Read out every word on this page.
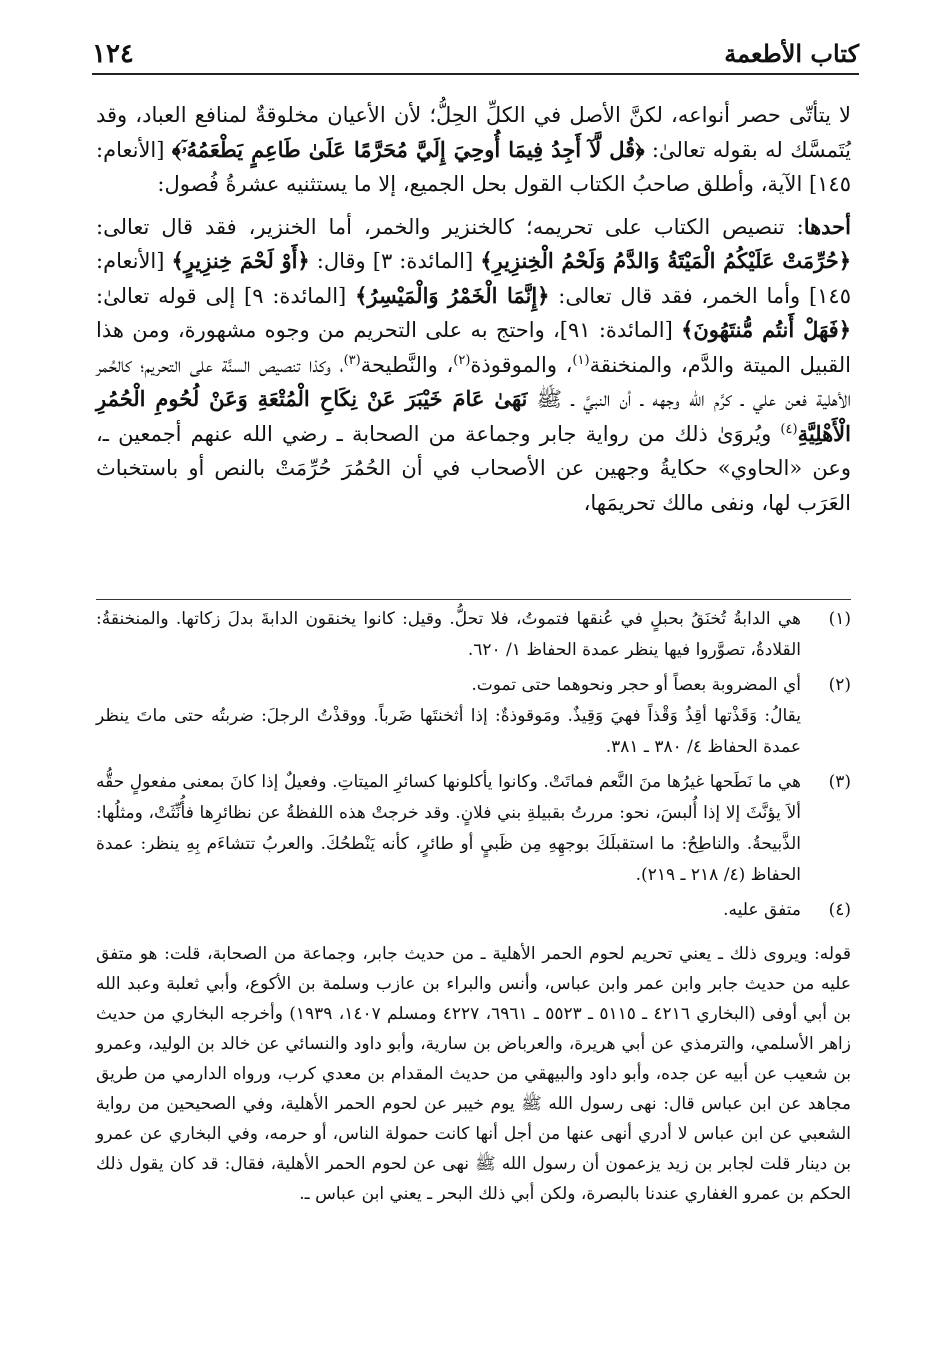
كتاب الأطعمة
١٢٤

لا يتأتّى حصر أنواعه، لكنَّ الأصل في الكلِّ الحِلُّ؛ لأن الأعيان مخلوقةٌ لمنافع العباد، وقد يُتَمسَّك له بقوله تعالىٰ: ﴿قُل لَّآ أَجِدُ فِيمَا أُوحِيَ إِلَيَّ مُحَرَّمًا عَلَىٰ طَاعِمٍ يَطْعَمُهُۥٓ﴾ [الأنعام: ١٤٥] الآية، وأطلق صاحبُ الكتاب القول بحل الجميع، إلا ما يستثنيه عشرةُ فُصول:

أحدها: تنصيص الكتاب على تحريمه؛ كالخنزير والخمر، أما الخنزير، فقد قال تعالى: ﴿حُرِّمَتْ عَلَيْكُمُ الْمَيْتَةُ وَالدَّمُ وَلَحْمُ الْخِنزِيرِ﴾ [المائدة: ٣] وقال: ﴿أَوْ لَحْمَ خِنزِيرٍ﴾ [الأنعام: ١٤٥] وأما الخمر، فقد قال تعالى: ﴿إِنَّمَا الْخَمْرُ وَالْمَيْسِرُ﴾ [المائدة: ٩] إلى قوله تعالىٰ: ﴿فَهَلْ أَنتُم مُّنتَهُونَ﴾ [المائدة: ٩١]، واحتج به على التحريم من وجوه مشهورة، ومن هذا القبيل الميتة والدَّم، والمنخنقة$^{(١)}$، والموقوذة$^{(٢)}$، والنَّطيحة$^{(٣)}$، وكذا تنصيص السنَّة على التحريم؛ كالحُمر الأهلية فعن علي ـ كرَّم الله وجهه ـ أن النبيَّ ـ ﷺ نَهَىٰ عَامَ خَيْبَرَ عَنْ نِكَاحِ الْمُتْعَةِ وَعَنْ لُحُومِ الْحُمُرِ الْأَهْلِيَّةِ$^{(٤)}$ ويُروَىٰ ذلك من رواية جابر وجماعة من الصحابة ـ رضي الله عنهم أجمعين ـ، وعن «الحاوي» حكايةُ وجهين عن الأصحاب في أن الحُمُرَ حُرِّمَتْ بالنص أو باستخباث العَرَب لها، ونفى مالك تحريمَها،

(١)

هي الدابةُ تُخنَقُ بحبلٍ في عُنقها فتموتُ، فلا تحلُّ. وقيل: كانوا يخنقون الدابةَ بدلَ زكاتها. والمنخنقةُ: القلادةُ، تصوَّروا فيها ينظر عمدة الحفاظ ١/ ٦٢٠.

(٢)

أي المضروبة بعصاً أو حجر ونحوهما حتى تموت.

يقالُ: وَقَذْتها أقِذُ وَقْذاً فهيَ وَقِيذٌ. ومَوقوذةٌ: إذا أثخنتَها ضَرباً. ووقذْتُ الرجلَ: ضربتُه حتى ماتَ ينظر عمدة الحفاظ ٤/ ٣٨٠ ـ ٣٨١.

(٣)

هي ما نَطَحها غيرُها منَ النَّعم فماتَتْ. وكانوا يأكلونها كسائرِ الميتاتِ. وفعيلٌ إذا كانَ بمعنى مفعولٍ حقُّه ألاَ يؤنَّثَ إلا إذا أُلبسَ، نحو: مررتُ بقبيلةِ بني فلانٍ. وقد خرجتْ هذه اللفظةُ عن نظائرِها فأُنِّثَتْ، ومثلُها: الذَّبيحةُ. والناطِحُ: ما استقبلَكَ بوجهِهِ مِن ظَبيٍ أو طائرٍ، كأنه يَنْطحُكَ. والعربُ تتشاءَم بِهِ ينظر: عمدة الحفاظ (٤/ ٢١٨ ـ ٢١٩).

(٤)

متفق عليه.

قوله: ويروى ذلك ـ يعني تحريم لحوم الحمر الأهلية ـ من حديث جابر، وجماعة من الصحابة، قلت: هو متفق عليه من حديث جابر وابن عمر وابن عباس، وأنس والبراء بن عازب وسلمة بن الأكوع، وأبي ثعلبة وعبد الله بن أبي أوفى (البخاري ٤٢١٦ ـ ٥١١٥ ـ ٥٥٢٣ ـ ٦٩٦١، ٤٢٢٧ ومسلم ١٤٠٧، ١٩٣٩) وأخرجه البخاري من حديث زاهر الأسلمي، والترمذي عن أبي هريرة، والعرباض بن سارية، وأبو داود والنسائي عن خالد بن الوليد، وعمرو بن شعيب عن أبيه عن جده، وأبو داود والبيهقي من حديث المقدام بن معدي كرب، ورواه الدارمي من طريق مجاهد عن ابن عباس قال: نهى رسول الله ﷺ يوم خيبر عن لحوم الحمر الأهلية، وفي الصحيحين من رواية الشعبي عن ابن عباس لا أدري أنهى عنها من أجل أنها كانت حمولة الناس، أو حرمه، وفي البخاري عن عمرو بن دينار قلت لجابر بن زيد يزعمون أن رسول الله ﷺ نهى عن لحوم الحمر الأهلية، فقال: قد كان يقول ذلك الحكم بن عمرو الغفاري عندنا بالبصرة، ولكن أبي ذلك البحر ـ يعني ابن عباس ـ.
